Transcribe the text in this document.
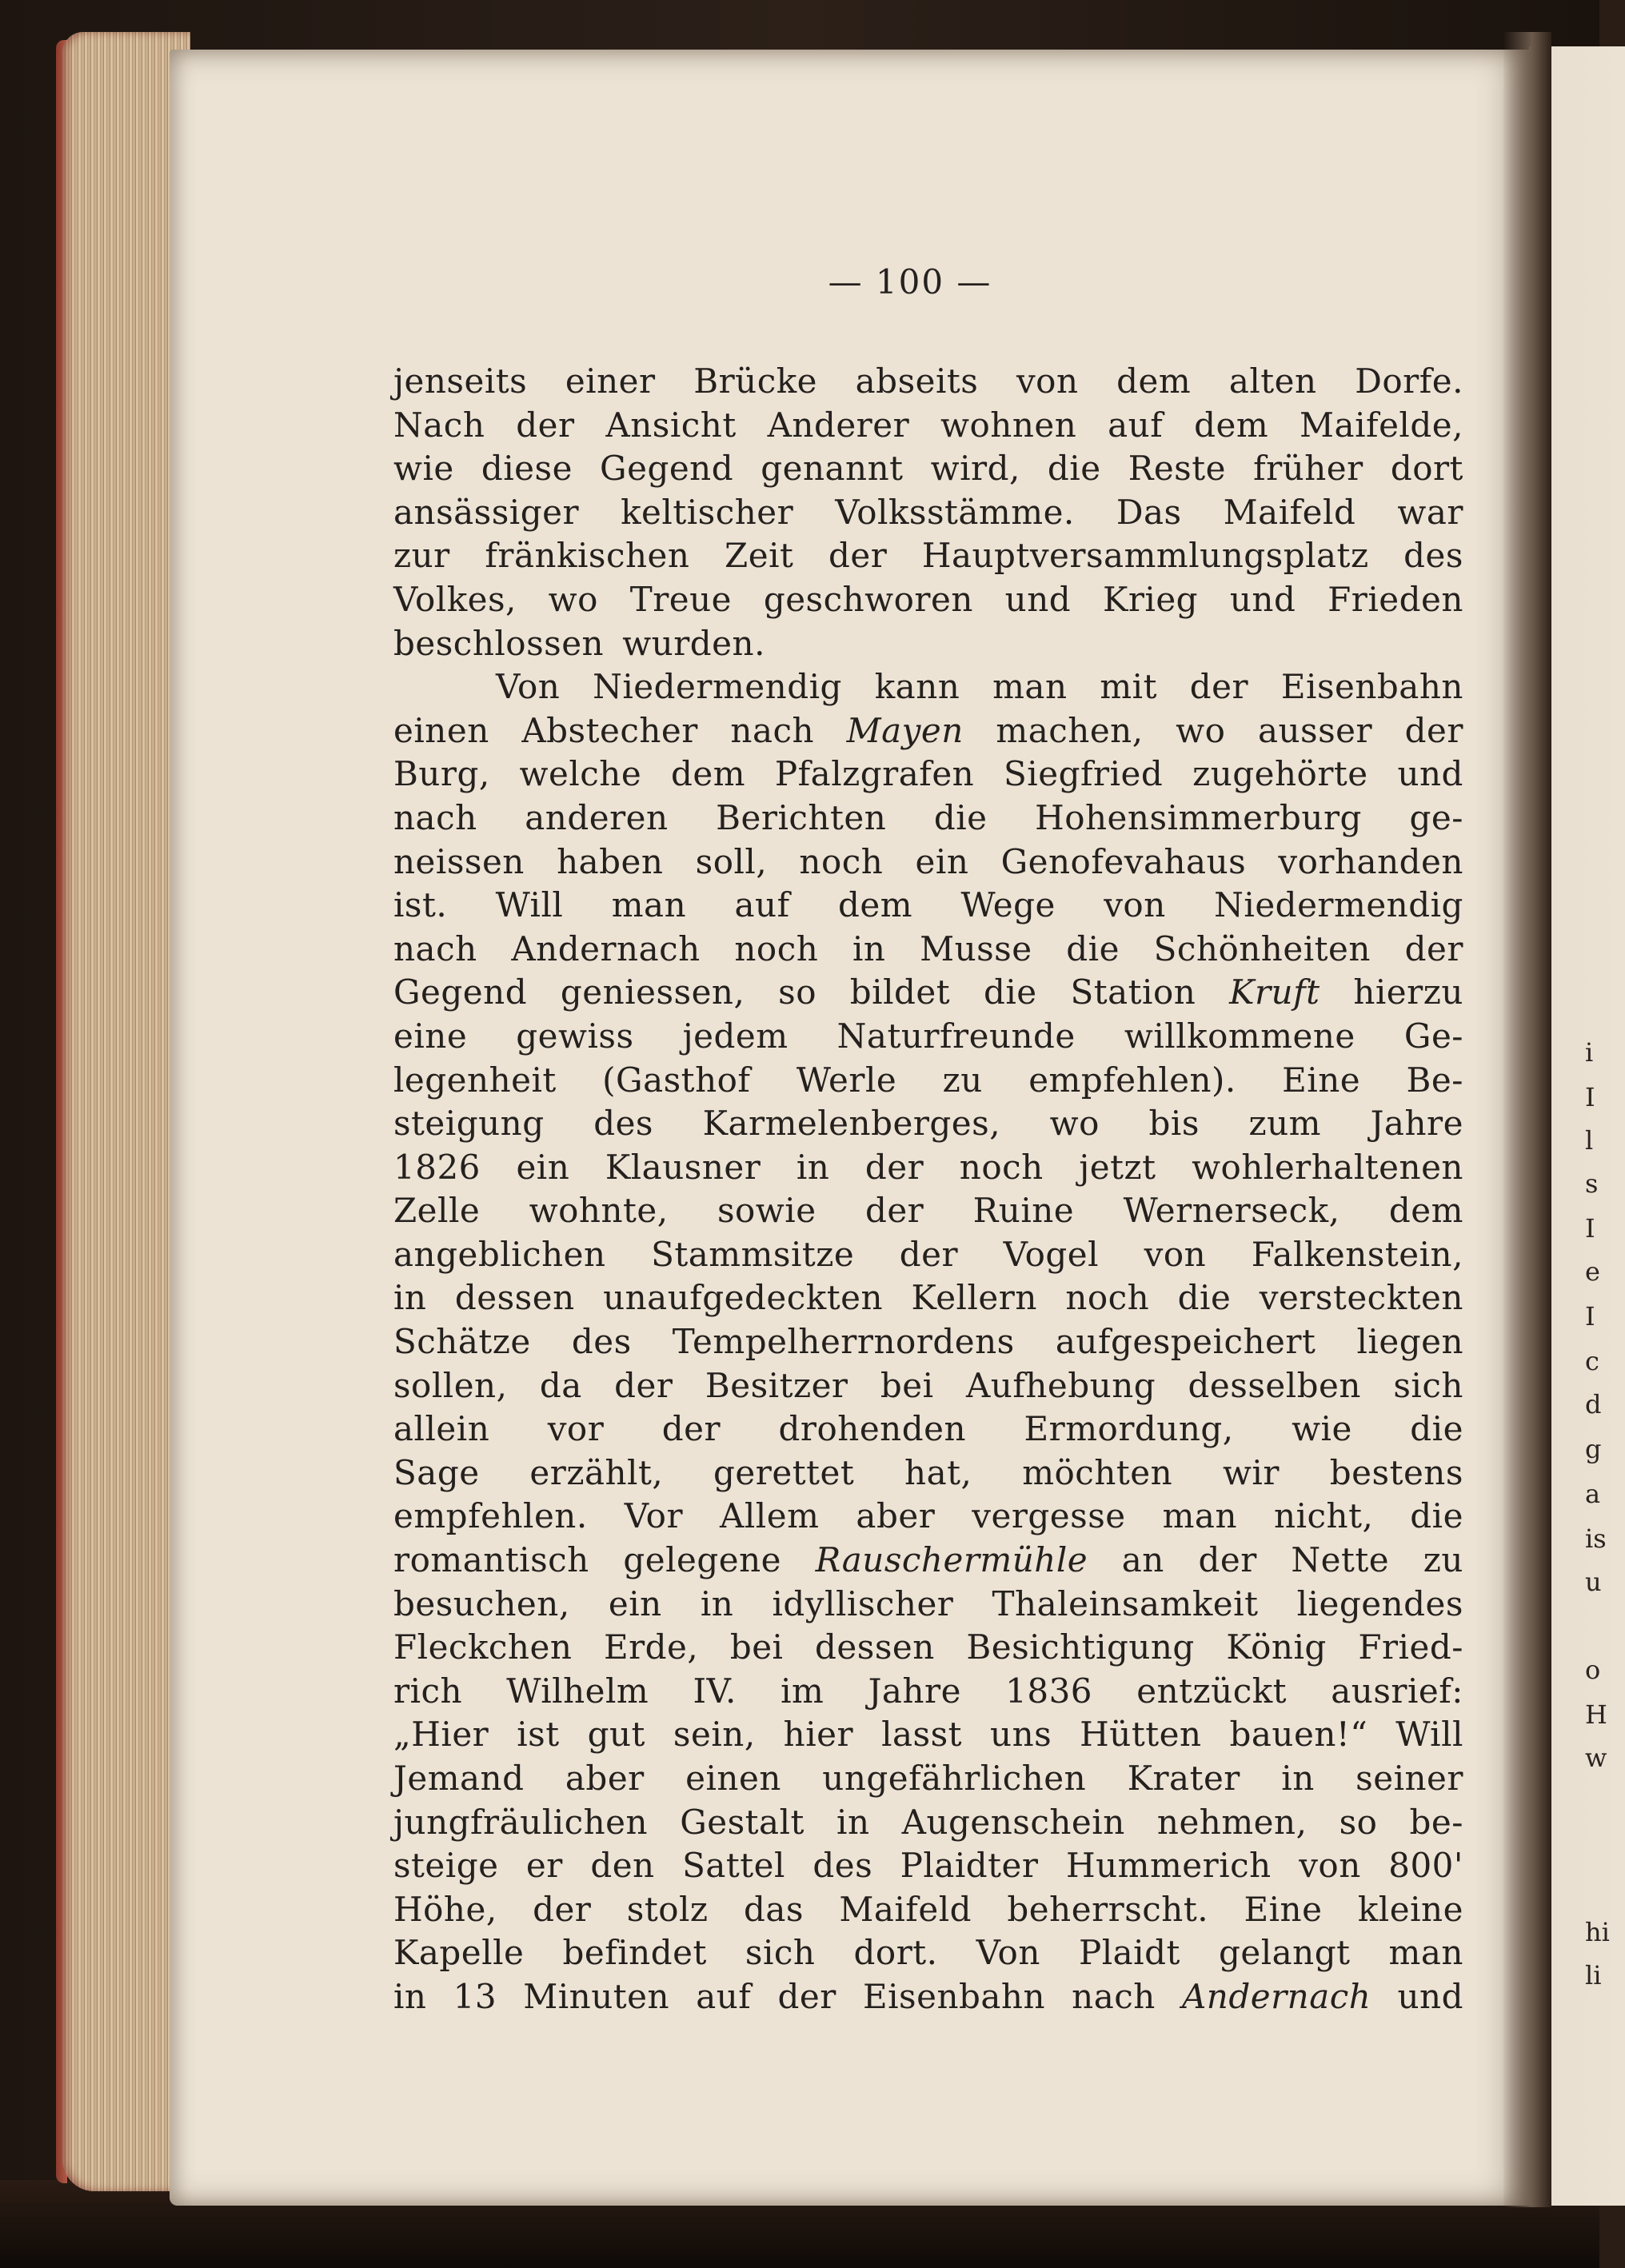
i
I
l
s
I
e
I
c
d
g
a
is
u
o
H
w
hi
li
— 100 —
jenseits einer Brücke abseits von dem alten Dorfe.
Nach der Ansicht Anderer wohnen auf dem Maifelde,
wie diese Gegend genannt wird, die Reste früher dort
ansässiger keltischer Volksstämme. Das Maifeld war
zur fränkischen Zeit der Hauptversammlungsplatz des
Volkes, wo Treue geschworen und Krieg und Frieden
beschlossen wurden.
Von Niedermendig kann man mit der Eisenbahn
einen Abstecher nach Mayen machen, wo ausser der
Burg, welche dem Pfalzgrafen Siegfried zugehörte und
nach anderen Berichten die Hohensimmerburg ge-
neissen haben soll, noch ein Genofevahaus vorhanden
ist. Will man auf dem Wege von Niedermendig
nach Andernach noch in Musse die Schönheiten der
Gegend geniessen, so bildet die Station Kruft hierzu
eine gewiss jedem Naturfreunde willkommene Ge-
legenheit (Gasthof Werle zu empfehlen). Eine Be-
steigung des Karmelenberges, wo bis zum Jahre
1826 ein Klausner in der noch jetzt wohlerhaltenen
Zelle wohnte, sowie der Ruine Wernerseck, dem
angeblichen Stammsitze der Vogel von Falkenstein,
in dessen unaufgedeckten Kellern noch die versteckten
Schätze des Tempelherrnordens aufgespeichert liegen
sollen, da der Besitzer bei Aufhebung desselben sich
allein vor der drohenden Ermordung, wie die
Sage erzählt, gerettet hat, möchten wir bestens
empfehlen. Vor Allem aber vergesse man nicht, die
romantisch gelegene Rauschermühle an der Nette zu
besuchen, ein in idyllischer Thaleinsamkeit liegendes
Fleckchen Erde, bei dessen Besichtigung König Fried-
rich Wilhelm IV. im Jahre 1836 entzückt ausrief:
„Hier ist gut sein, hier lasst uns Hütten bauen!“ Will
Jemand aber einen ungefährlichen Krater in seiner
jungfräulichen Gestalt in Augenschein nehmen, so be-
steige er den Sattel des Plaidter Hummerich von 800'
Höhe, der stolz das Maifeld beherrscht. Eine kleine
Kapelle befindet sich dort. Von Plaidt gelangt man
in 13 Minuten auf der Eisenbahn nach Andernach und
